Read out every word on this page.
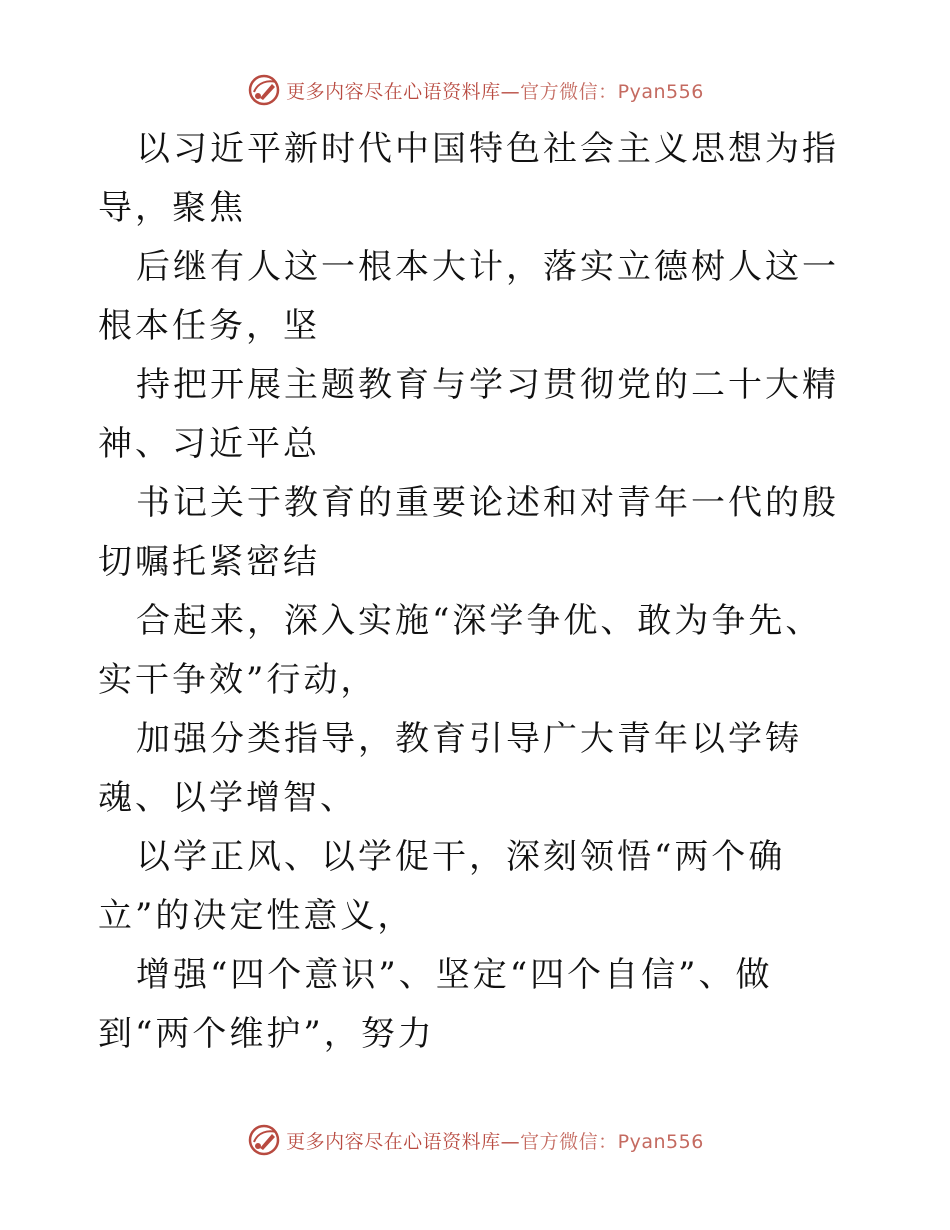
更多内容尽在心语资料库—官方微信：Pyan556

以习近平新时代中国特色社会主义思想为指导，聚焦

后继有人这一根本大计，落实立德树人这一根本任务，坚

持把开展主题教育与学习贯彻党的二十大精神、习近平总

书记关于教育的重要论述和对青年一代的殷切嘱托紧密结

合起来，深入实施“深学争优、敢为争先、实干争效”行动，

加强分类指导，教育引导广大青年以学铸魂、以学增智、

以学正风、以学促干，深刻领悟“两个确立”的决定性意义，

增强“四个意识”、坚定“四个自信”、做到“两个维护”，努力

更多内容尽在心语资料库—官方微信：Pyan556
